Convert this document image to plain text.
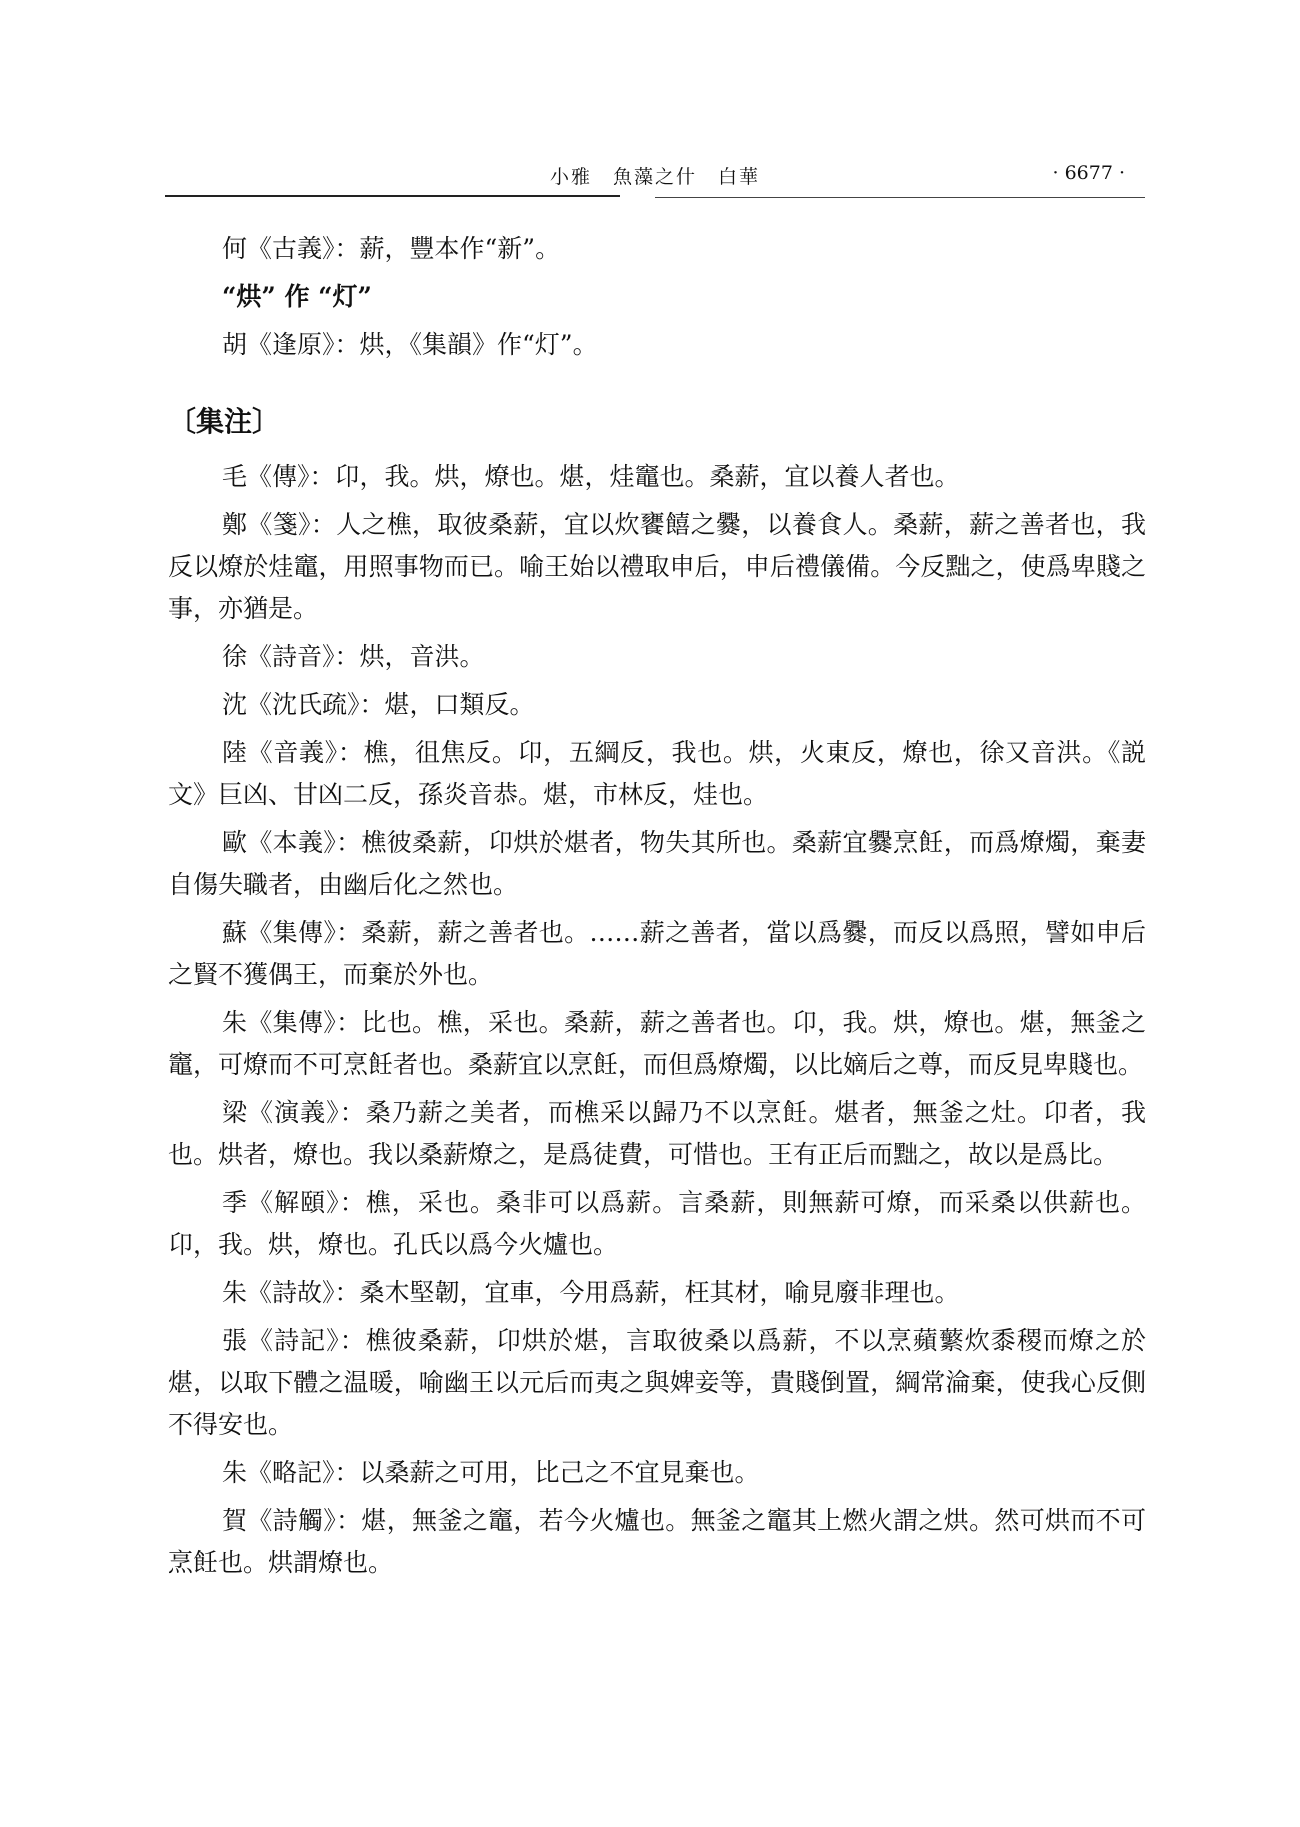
小雅　魚藻之什　白華	· 6677 ·

何《古義》：薪，豐本作“新”。

“烘” 作 “灯”

胡《逢原》：烘，《集韻》作“灯”。

〔集注〕

毛《傳》：卬，我。烘，燎也。煁，烓竈也。桑薪，宜以養人者也。

鄭《箋》：人之樵，取彼桑薪，宜以炊饔饎之爨，以養食人。桑薪，薪之善者也，我反以燎於烓竈，用照事物而已。喻王始以禮取申后，申后禮儀備。今反黜之，使爲卑賤之事，亦猶是。

徐《詩音》：烘，音洪。

沈《沈氏疏》：煁，口類反。

陸《音義》：樵，徂焦反。卬，五綱反，我也。烘，火東反，燎也，徐又音洪。《説文》巨凶、甘凶二反，孫炎音恭。煁，市林反，烓也。

歐《本義》：樵彼桑薪，卬烘於煁者，物失其所也。桑薪宜爨烹飪，而爲燎燭，棄妻自傷失職者，由幽后化之然也。

蘇《集傳》：桑薪，薪之善者也。……薪之善者，當以爲爨，而反以爲照，譬如申后之賢不獲偶王，而棄於外也。

朱《集傳》：比也。樵，采也。桑薪，薪之善者也。卬，我。烘，燎也。煁，無釜之竈，可燎而不可烹飪者也。桑薪宜以烹飪，而但爲燎燭，以比嫡后之尊，而反見卑賤也。

梁《演義》：桑乃薪之美者，而樵采以歸乃不以烹飪。煁者，無釜之灶。卬者，我也。烘者，燎也。我以桑薪燎之，是爲徒費，可惜也。王有正后而黜之，故以是爲比。

季《解頤》：樵，采也。桑非可以爲薪。言桑薪，則無薪可燎，而采桑以供薪也。卬，我。烘，燎也。孔氏以爲今火爐也。

朱《詩故》：桑木堅韌，宜車，今用爲薪，枉其材，喻見廢非理也。

張《詩記》：樵彼桑薪，卬烘於煁，言取彼桑以爲薪，不以烹蘋蘩炊黍稷而燎之於煁，以取下體之温暖，喻幽王以元后而夷之與婢妾等，貴賤倒置，綱常淪棄，使我心反側不得安也。

朱《略記》：以桑薪之可用，比己之不宜見棄也。

賀《詩觸》：煁，無釜之竈，若今火爐也。無釜之竈其上燃火謂之烘。然可烘而不可烹飪也。烘謂燎也。
